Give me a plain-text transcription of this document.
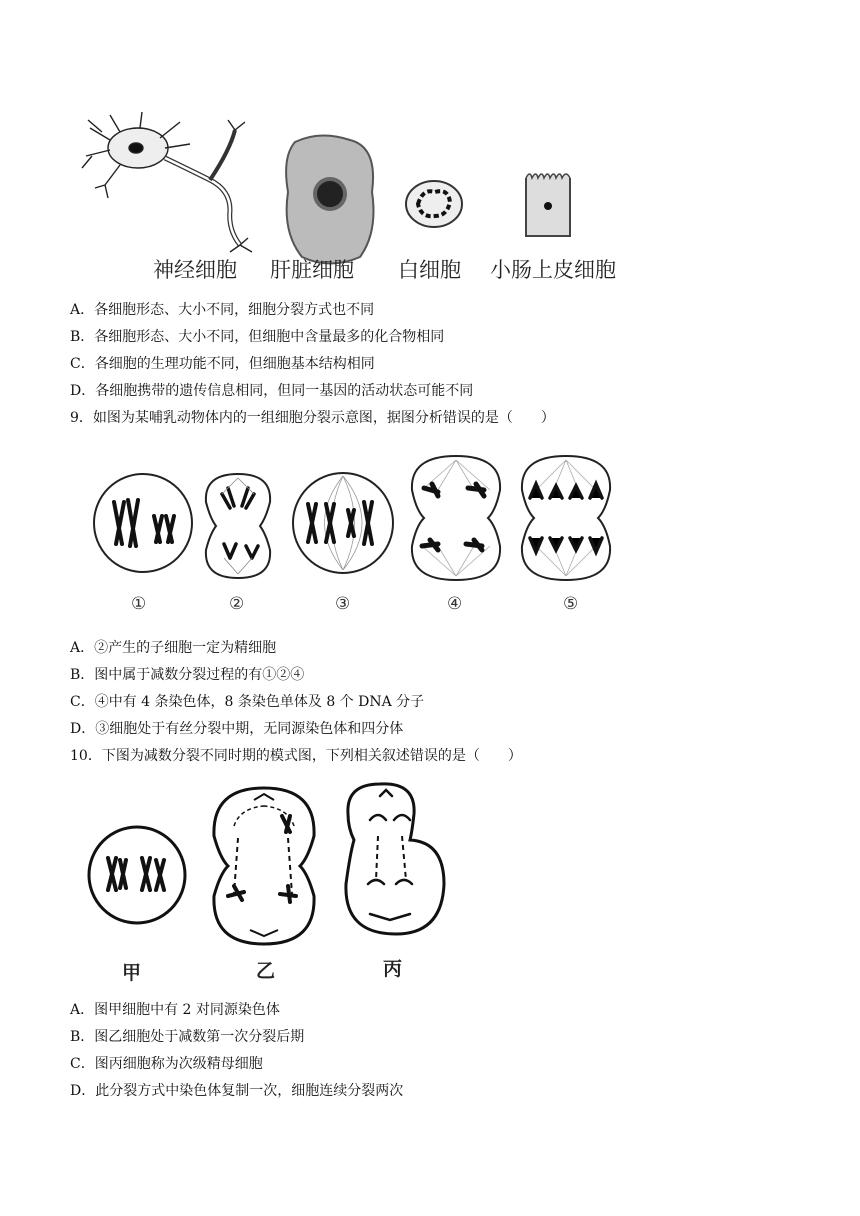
神经细胞 肝脏细胞 白细胞 小肠上皮细胞
A．各细胞形态、大小不同，细胞分裂方式也不同
B．各细胞形态、大小不同，但细胞中含量最多的化合物相同
C．各细胞的生理功能不同，但细胞基本结构相同
D．各细胞携带的遗传信息相同，但同一基因的活动状态可能不同
9．如图为某哺乳动物体内的一组细胞分裂示意图，据图分析错误的是（　　）
①	②	③	④	⑤
A．②产生的子细胞一定为精细胞
B．图中属于减数分裂过程的有①②④
C．④中有 4 条染色体，8 条染色单体及 8 个 DNA 分子
D．③细胞处于有丝分裂中期，无同源染色体和四分体
10．下图为减数分裂不同时期的模式图，下列相关叙述错误的是（　　）
甲	乙	丙
A．图甲细胞中有 2 对同源染色体
B．图乙细胞处于减数第一次分裂后期
C．图丙细胞称为次级精母细胞
D．此分裂方式中染色体复制一次，细胞连续分裂两次
